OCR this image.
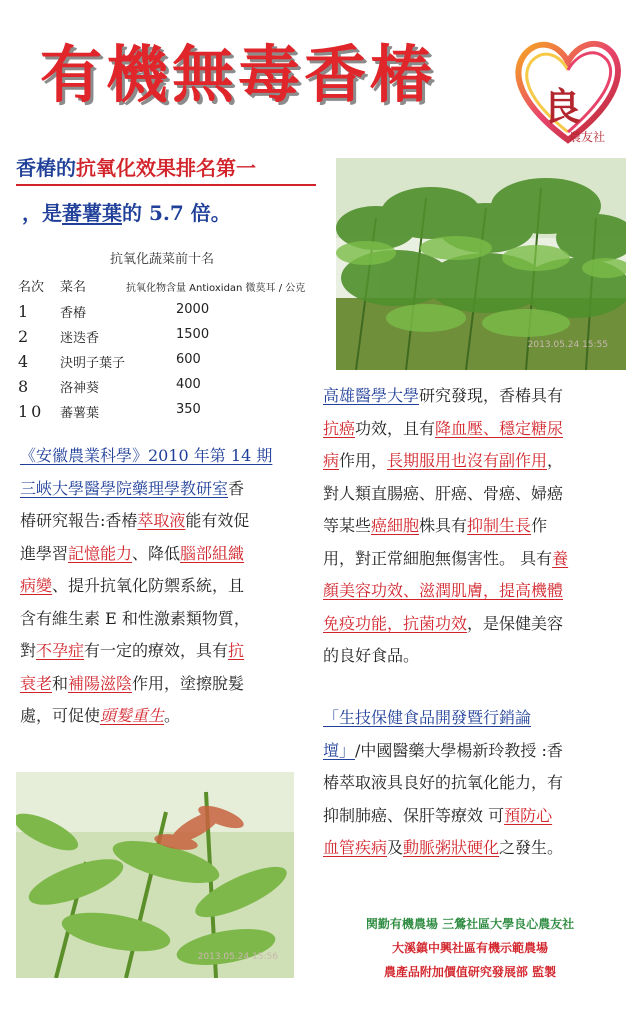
有機無毒香椿	良
農友社
香椿的抗氧化效果排名第一
，是蕃薯葉的 5.7 倍。
2013.05.24 15:55
抗氧化蔬菜前十名
名次 菜名	抗氧化物含量 Antioxidan 微莫耳 / 公克
1 香椿	2000
2 迷迭香	1500
4 決明子葉子	600
8 洛神葵	400
10 蕃薯葉	350
《安徽農業科學》2010 年第 14 期
三峽大學醫學院藥理學教研室香
椿研究報告:香椿萃取液能有效促
進學習記憶能力、降低腦部組織
病變、提升抗氧化防禦系統，且
含有維生素 E 和性激素類物質，
對不孕症有一定的療效，具有抗
衰老和補陽滋陰作用，塗擦脫髮
處，可促使頭髮重生。
高雄醫學大學研究發現，香椿具有
抗癌功效，且有降血壓、穩定糖尿
病作用，長期服用也沒有副作用，
對人類直腸癌、肝癌、骨癌、婦癌
等某些癌細胞株具有抑制生長作
用，對正常細胞無傷害性。 具有養
顏美容功效、滋潤肌膚，提高機體
免疫功能，抗菌功效，是保健美容
的良好食品。
「生技保健食品開發暨行銷論
壇」/中國醫藥大學楊新玲教授 :香
椿萃取液具良好的抗氧化能力，有
抑制肺癌、保肝等療效 可預防心
血管疾病及動脈粥狀硬化之發生。
2013.05.24 15:56
関勤有機農場 三鶯社區大學良心農友社
大溪鎮中興社區有機示範農場
農產品附加價值研究發展部 監製
